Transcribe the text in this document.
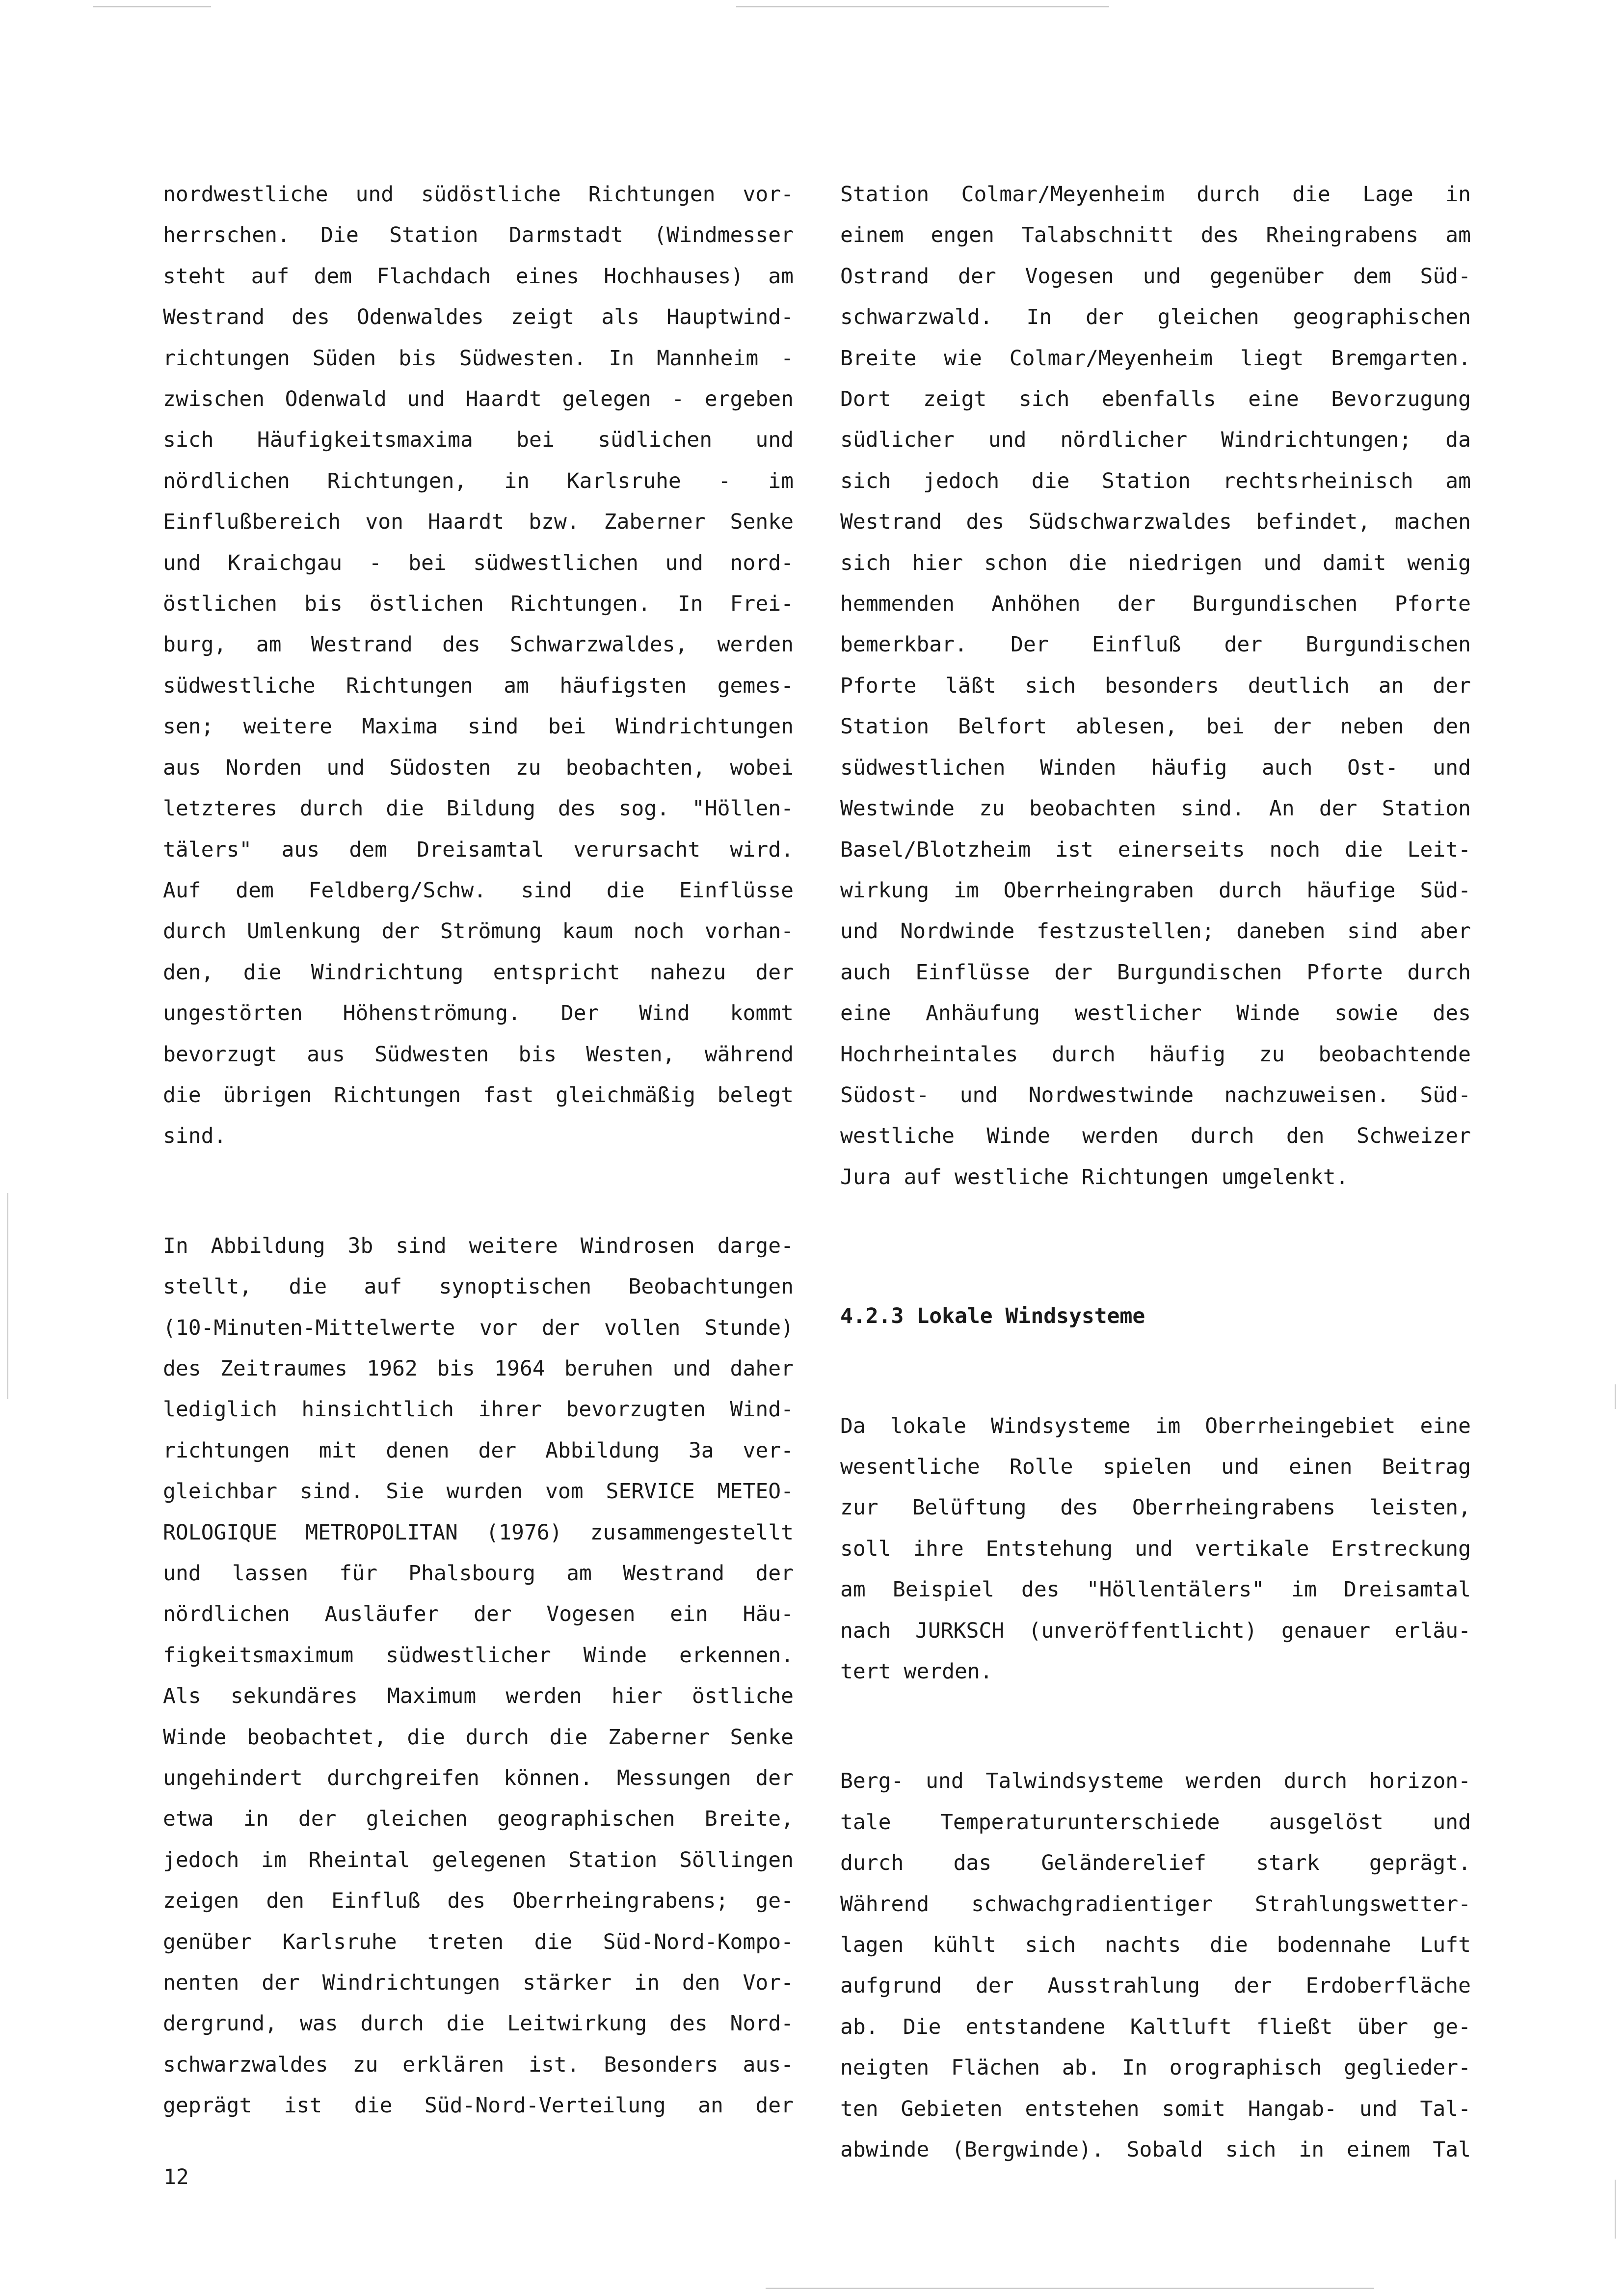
nordwestliche und südöstliche Richtungen vor-
herrschen. Die Station Darmstadt (Windmesser
steht auf dem Flachdach eines Hochhauses) am
Westrand des Odenwaldes zeigt als Hauptwind-
richtungen Süden bis Südwesten. In Mannheim -
zwischen Odenwald und Haardt gelegen - ergeben
sich Häufigkeitsmaxima bei südlichen und
nördlichen Richtungen, in Karlsruhe - im
Einflußbereich von Haardt bzw. Zaberner Senke
und Kraichgau - bei südwestlichen und nord-
östlichen bis östlichen Richtungen. In Frei-
burg, am Westrand des Schwarzwaldes, werden
südwestliche Richtungen am häufigsten gemes-
sen; weitere Maxima sind bei Windrichtungen
aus Norden und Südosten zu beobachten, wobei
letzteres durch die Bildung des sog. "Höllen-
tälers" aus dem Dreisamtal verursacht wird.
Auf dem Feldberg/Schw. sind die Einflüsse
durch Umlenkung der Strömung kaum noch vorhan-
den, die Windrichtung entspricht nahezu der
ungestörten Höhenströmung. Der Wind kommt
bevorzugt aus Südwesten bis Westen, während
die übrigen Richtungen fast gleichmäßig belegt
sind.

In Abbildung 3b sind weitere Windrosen darge-
stellt, die auf synoptischen Beobachtungen
(10-Minuten-Mittelwerte vor der vollen Stunde)
des Zeitraumes 1962 bis 1964 beruhen und daher
lediglich hinsichtlich ihrer bevorzugten Wind-
richtungen mit denen der Abbildung 3a ver-
gleichbar sind. Sie wurden vom SERVICE METEO-
ROLOGIQUE METROPOLITAN (1976) zusammengestellt
und lassen für Phalsbourg am Westrand der
nördlichen Ausläufer der Vogesen ein Häu-
figkeitsmaximum südwestlicher Winde erkennen.
Als sekundäres Maximum werden hier östliche
Winde beobachtet, die durch die Zaberner Senke
ungehindert durchgreifen können. Messungen der
etwa in der gleichen geographischen Breite,
jedoch im Rheintal gelegenen Station Söllingen
zeigen den Einfluß des Oberrheingrabens; ge-
genüber Karlsruhe treten die Süd-Nord-Kompo-
nenten der Windrichtungen stärker in den Vor-
dergrund, was durch die Leitwirkung des Nord-
schwarzwaldes zu erklären ist. Besonders aus-
geprägt ist die Süd-Nord-Verteilung an der

Station Colmar/Meyenheim durch die Lage in
einem engen Talabschnitt des Rheingrabens am
Ostrand der Vogesen und gegenüber dem Süd-
schwarzwald. In der gleichen geographischen
Breite wie Colmar/Meyenheim liegt Bremgarten.
Dort zeigt sich ebenfalls eine Bevorzugung
südlicher und nördlicher Windrichtungen; da
sich jedoch die Station rechtsrheinisch am
Westrand des Südschwarzwaldes befindet, machen
sich hier schon die niedrigen und damit wenig
hemmenden Anhöhen der Burgundischen Pforte
bemerkbar. Der Einfluß der Burgundischen
Pforte läßt sich besonders deutlich an der
Station Belfort ablesen, bei der neben den
südwestlichen Winden häufig auch Ost- und
Westwinde zu beobachten sind. An der Station
Basel/Blotzheim ist einerseits noch die Leit-
wirkung im Oberrheingraben durch häufige Süd-
und Nordwinde festzustellen; daneben sind aber
auch Einflüsse der Burgundischen Pforte durch
eine Anhäufung westlicher Winde sowie des
Hochrheintales durch häufig zu beobachtende
Südost- und Nordwestwinde nachzuweisen. Süd-
westliche Winde werden durch den Schweizer
Jura auf westliche Richtungen umgelenkt.

4.2.3 Lokale Windsysteme

Da lokale Windsysteme im Oberrheingebiet eine
wesentliche Rolle spielen und einen Beitrag
zur Belüftung des Oberrheingrabens leisten,
soll ihre Entstehung und vertikale Erstreckung
am Beispiel des "Höllentälers" im Dreisamtal
nach JURKSCH (unveröffentlicht) genauer erläu-
tert werden.

Berg- und Talwindsysteme werden durch horizon-
tale Temperaturunterschiede ausgelöst und
durch das Geländerelief stark geprägt.
Während schwachgradientiger Strahlungswetter-
lagen kühlt sich nachts die bodennahe Luft
aufgrund der Ausstrahlung der Erdoberfläche
ab. Die entstandene Kaltluft fließt über ge-
neigten Flächen ab. In orographisch geglieder-
ten Gebieten entstehen somit Hangab- und Tal-
abwinde (Bergwinde). Sobald sich in einem Tal

12
